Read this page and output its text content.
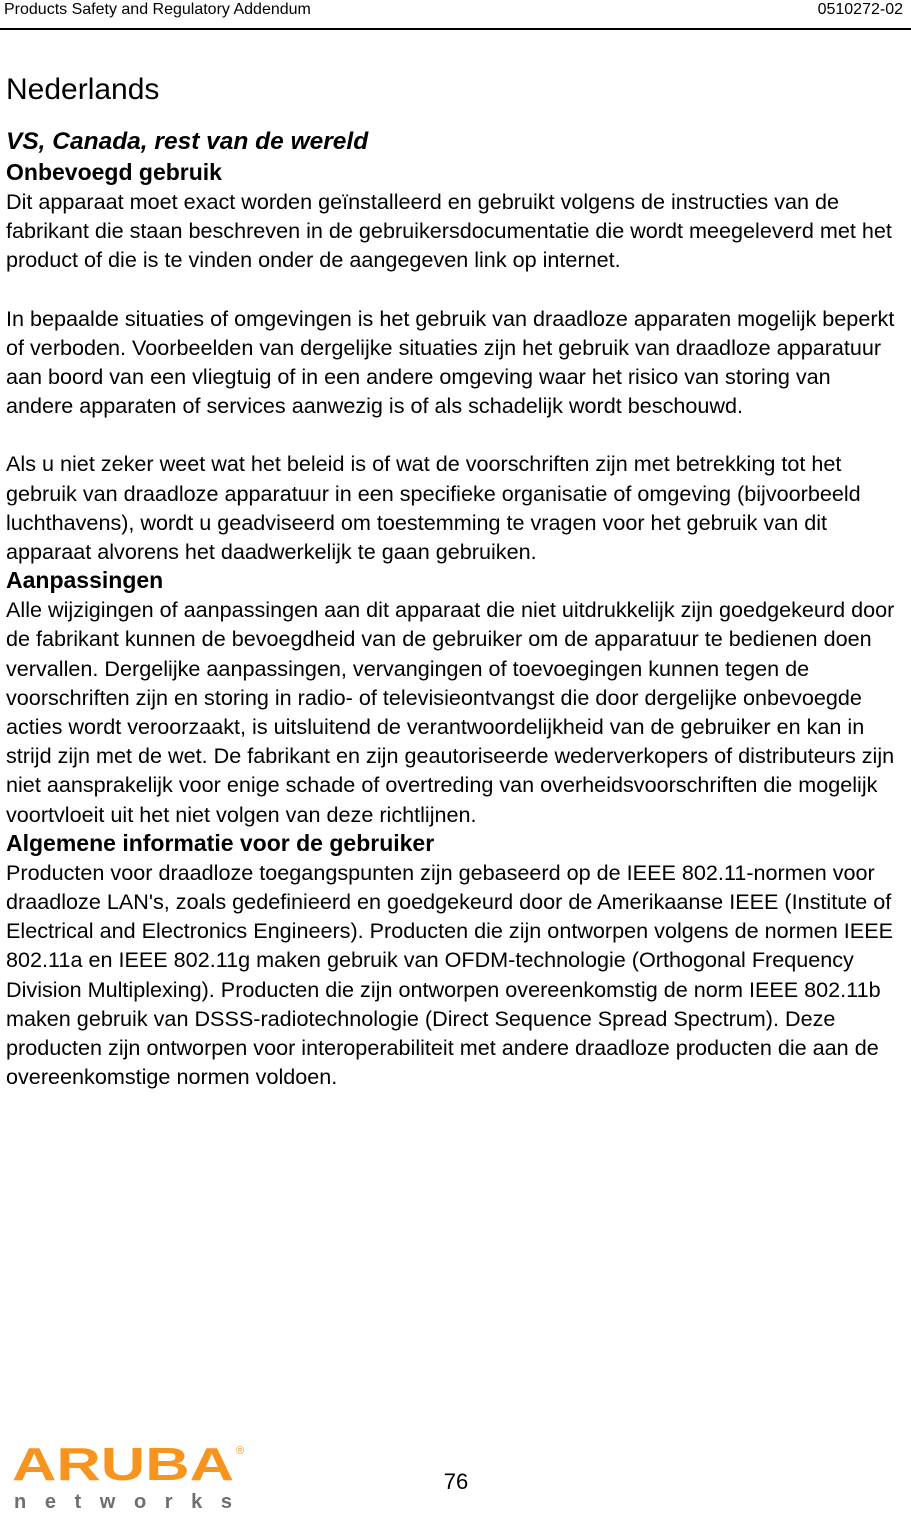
Products Safety and Regulatory Addendum	0510272-02
Nederlands
VS, Canada, rest van de wereld
Onbevoegd gebruik

Dit apparaat moet exact worden geïnstalleerd en gebruikt volgens de instructies van de fabrikant die staan beschreven in de gebruikersdocumentatie die wordt meegeleverd met het product of die is te vinden onder de aangegeven link op internet.

In bepaalde situaties of omgevingen is het gebruik van draadloze apparaten mogelijk beperkt of verboden. Voorbeelden van dergelijke situaties zijn het gebruik van draadloze apparatuur aan boord van een vliegtuig of in een andere omgeving waar het risico van storing van andere apparaten of services aanwezig is of als schadelijk wordt beschouwd.

Als u niet zeker weet wat het beleid is of wat de voorschriften zijn met betrekking tot het gebruik van draadloze apparatuur in een specifieke organisatie of omgeving (bijvoorbeeld luchthavens), wordt u geadviseerd om toestemming te vragen voor het gebruik van dit apparaat alvorens het daadwerkelijk te gaan gebruiken.

Aanpassingen

Alle wijzigingen of aanpassingen aan dit apparaat die niet uitdrukkelijk zijn goedgekeurd door de fabrikant kunnen de bevoegdheid van de gebruiker om de apparatuur te bedienen doen vervallen. Dergelijke aanpassingen, vervangingen of toevoegingen kunnen tegen de voorschriften zijn en storing in radio- of televisieontvangst die door dergelijke onbevoegde acties wordt veroorzaakt, is uitsluitend de verantwoordelijkheid van de gebruiker en kan in strijd zijn met de wet. De fabrikant en zijn geautoriseerde wederverkopers of distributeurs zijn niet aansprakelijk voor enige schade of overtreding van overheidsvoorschriften die mogelijk voortvloeit uit het niet volgen van deze richtlijnen.

Algemene informatie voor de gebruiker

Producten voor draadloze toegangspunten zijn gebaseerd op de IEEE 802.11-normen voor draadloze LAN's, zoals gedefinieerd en goedgekeurd door de Amerikaanse IEEE (Institute of Electrical and Electronics Engineers). Producten die zijn ontworpen volgens de normen IEEE 802.11a en IEEE 802.11g maken gebruik van OFDM-technologie (Orthogonal Frequency Division Multiplexing). Producten die zijn ontworpen overeenkomstig de norm IEEE 802.11b maken gebruik van DSSS-radiotechnologie (Direct Sequence Spread Spectrum). Deze producten zijn ontworpen voor interoperabiliteit met andere draadloze producten die aan de overeenkomstige normen voldoen.

ARUBA ®
networks
76
